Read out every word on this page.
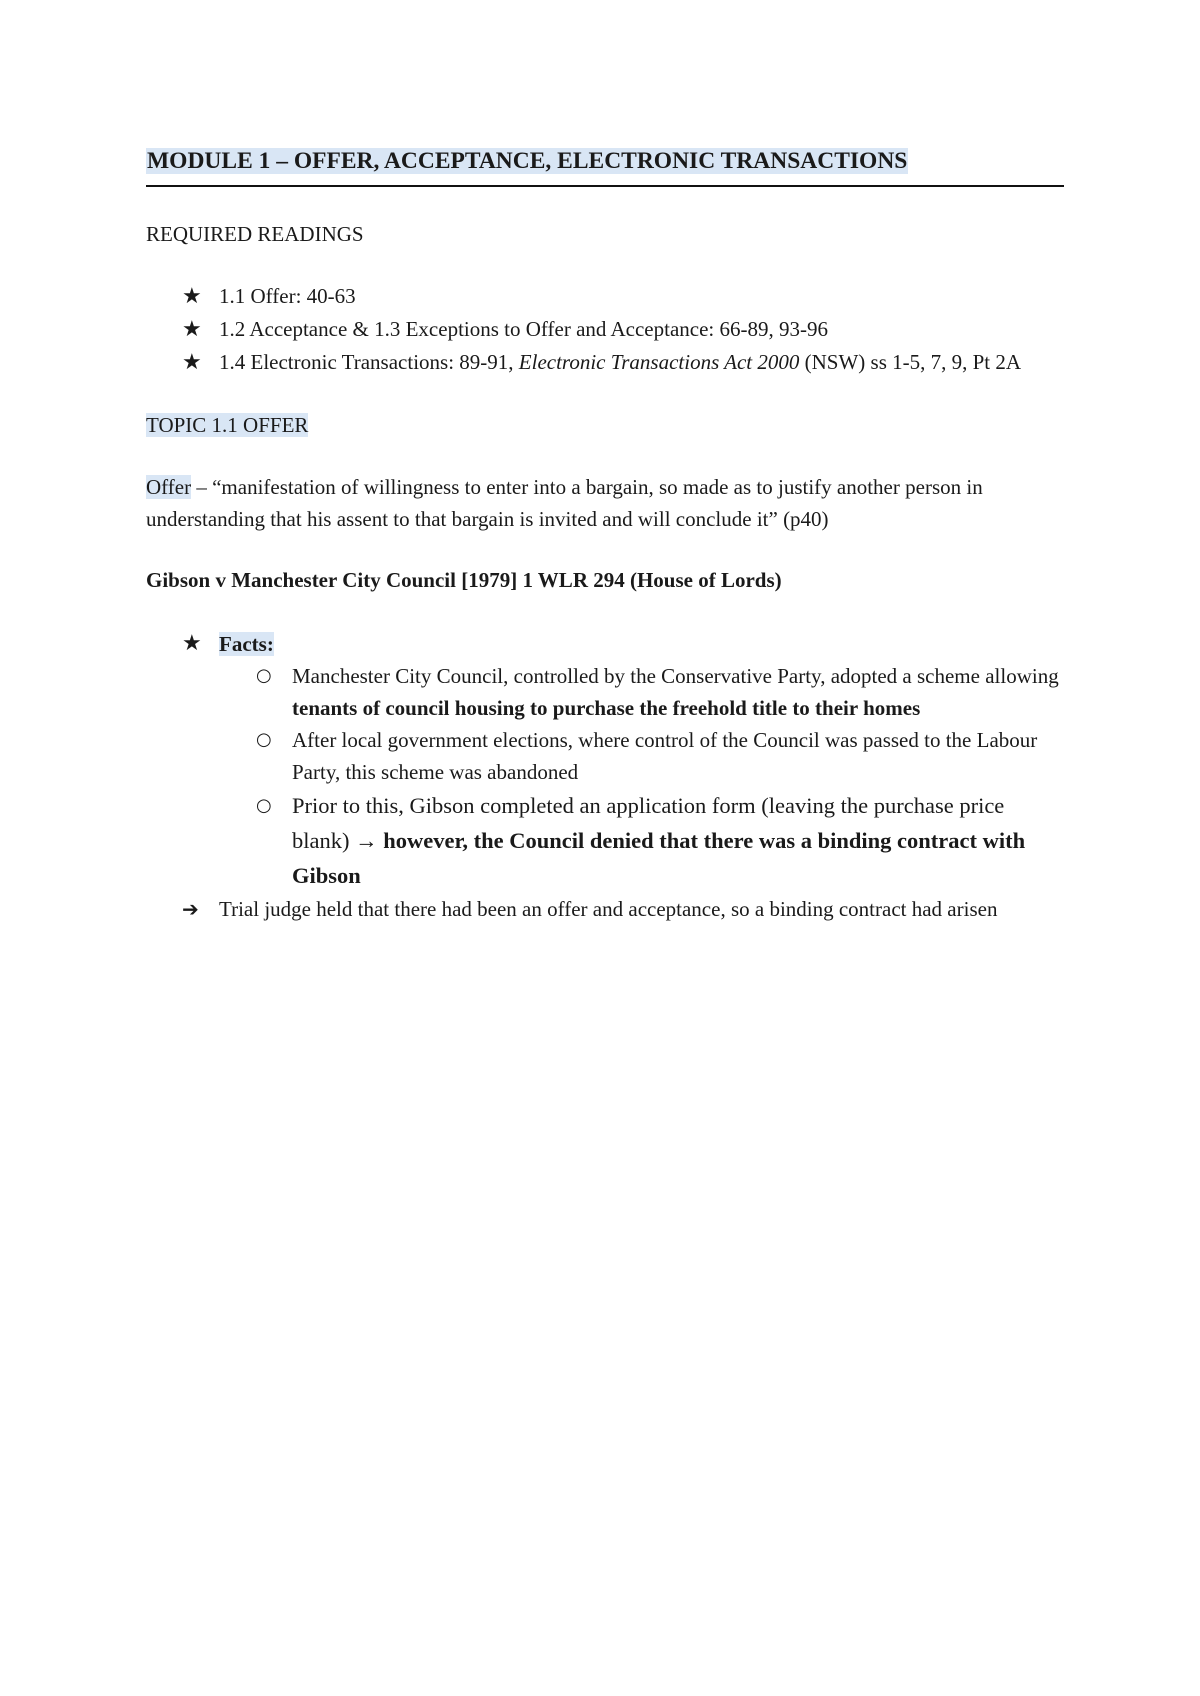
MODULE 1 – OFFER, ACCEPTANCE, ELECTRONIC TRANSACTIONS

REQUIRED READINGS

★ 1.1 Offer: 40-63
★ 1.2 Acceptance & 1.3 Exceptions to Offer and Acceptance: 66-89, 93-96
★ 1.4 Electronic Transactions: 89-91, Electronic Transactions Act 2000 (NSW) ss 1-5, 7, 9, Pt 2A

TOPIC 1.1 OFFER

Offer – “manifestation of willingness to enter into a bargain, so made as to justify another person in understanding that his assent to that bargain is invited and will conclude it” (p40)

Gibson v Manchester City Council [1979] 1 WLR 294 (House of Lords)

★ Facts:
○ Manchester City Council, controlled by the Conservative Party, adopted a scheme allowing tenants of council housing to purchase the freehold title to their homes
○ After local government elections, where control of the Council was passed to the Labour Party, this scheme was abandoned
○ Prior to this, Gibson completed an application form (leaving the purchase price blank) → however, the Council denied that there was a binding contract with Gibson
➔ Trial judge held that there had been an offer and acceptance, so a binding contract had arisen
